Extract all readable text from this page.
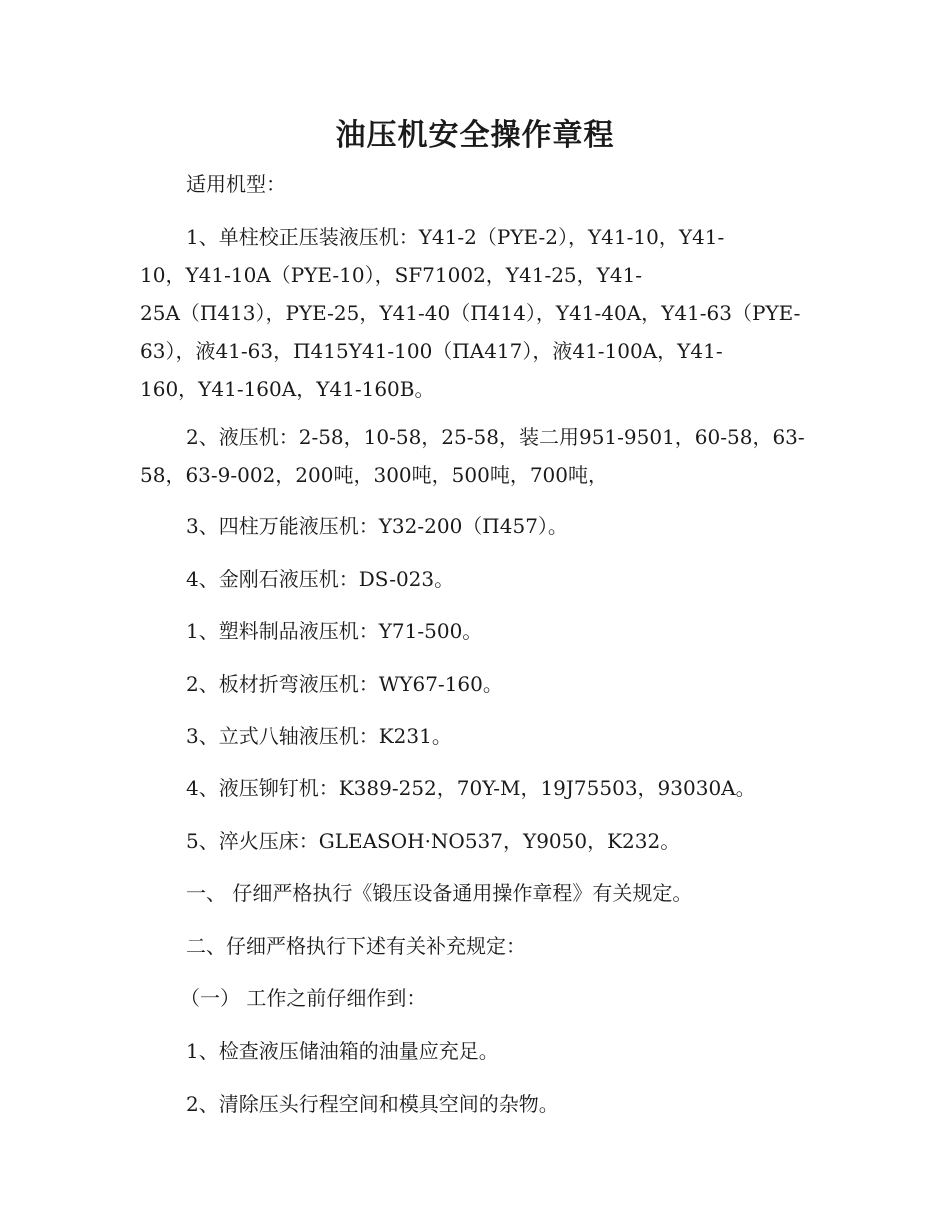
油压机安全操作章程
适用机型：
1、单柱校正压装液压机：Y41-2（PYE-2），Y41-10，Y41-
10，Y41-10A（PYE-10），SF71002，Y41-25，Y41-
25A（П413），PYE-25，Y41-40（П414），Y41-40A，Y41-63（PYE-
63），液41-63，П415Y41-100（ПA417），液41-100A，Y41-
160，Y41-160A，Y41-160B。
2、液压机：2-58，10-58，25-58，装二用951-9501，60-58，63-
58，63-9-002，200吨，300吨，500吨，700吨，
3、四柱万能液压机：Y32-200（П457）。
4、金刚石液压机：DS-023。
1、塑料制品液压机：Y71-500。
2、板材折弯液压机：WY67-160。
3、立式八轴液压机：K231。
4、液压铆钉机：K389-252，70Y-M，19J75503，93030A。
5、淬火压床：GLEASOH·NO537，Y9050，K232。
一、 仔细严格执行《锻压设备通用操作章程》有关规定。
二、仔细严格执行下述有关补充规定：
（一） 工作之前仔细作到：
1、检查液压储油箱的油量应充足。
2、清除压头行程空间和模具空间的杂物。
